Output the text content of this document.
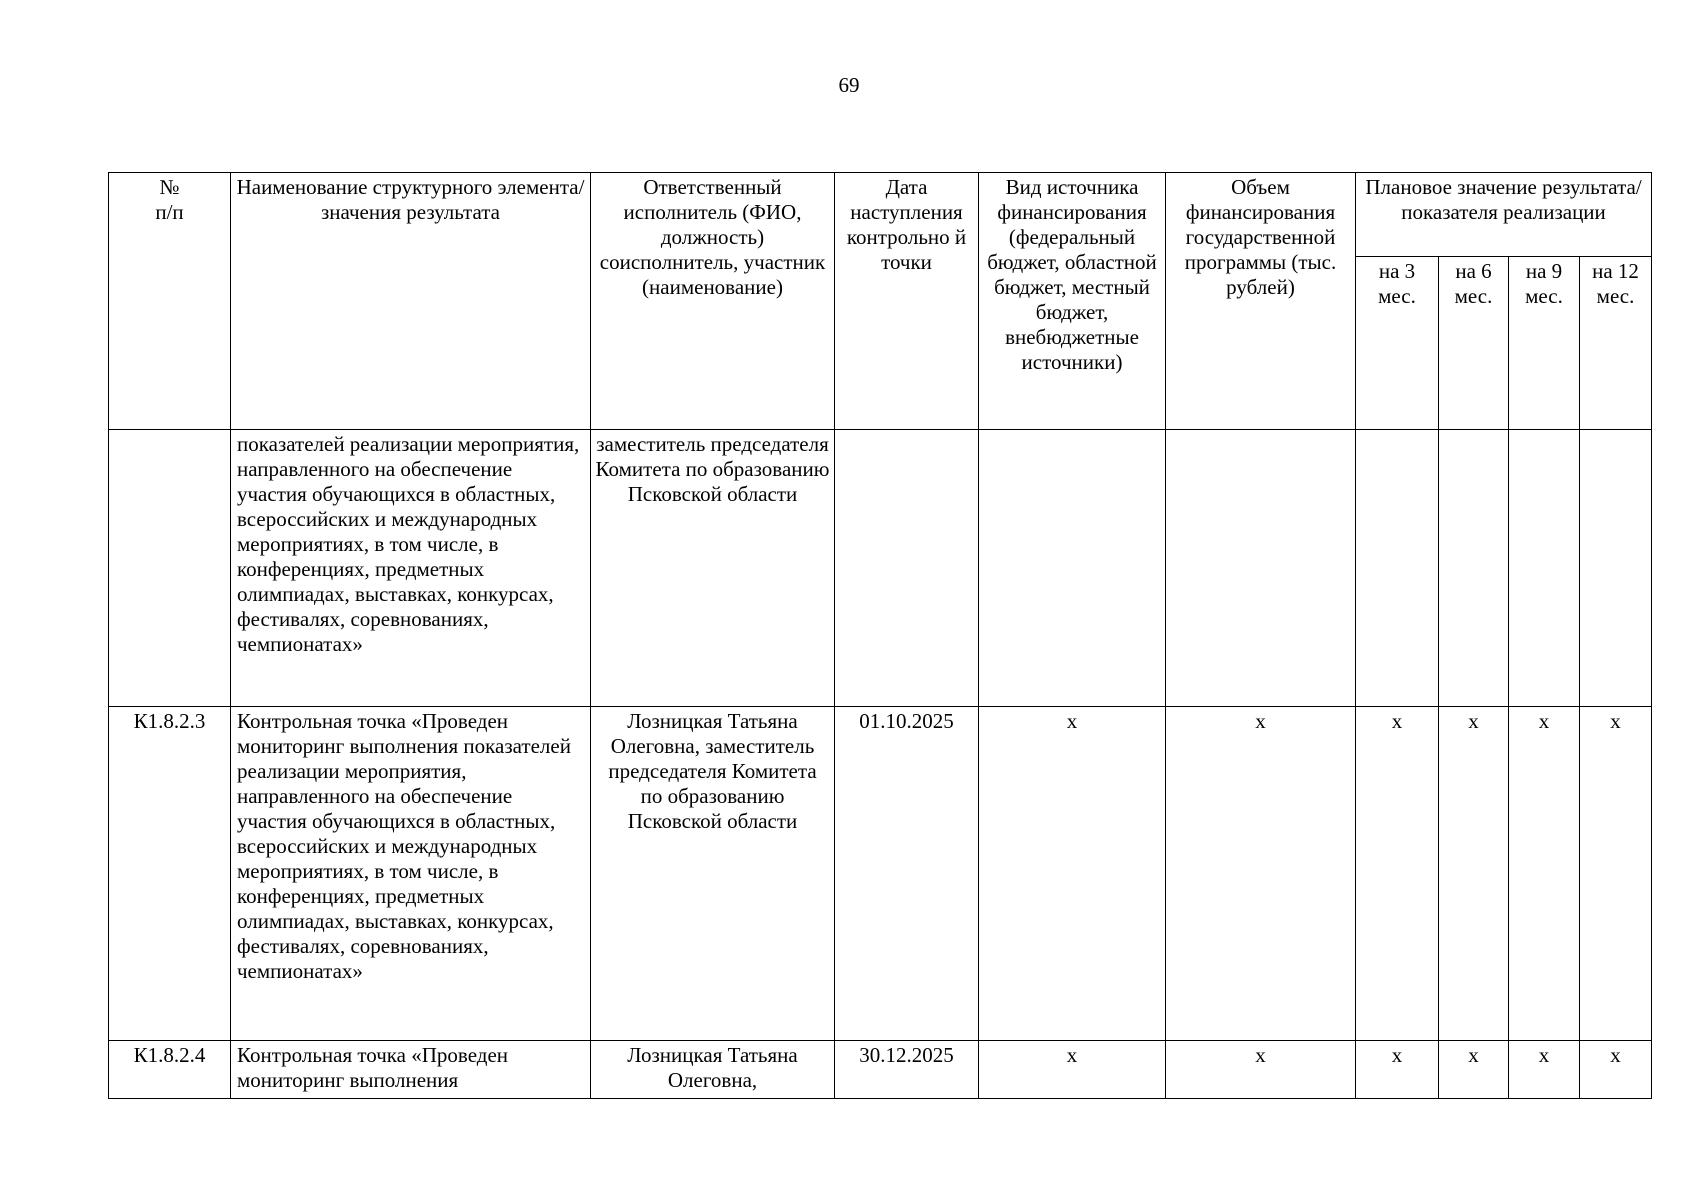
69
№
п/п	Наименование структурного элемента/ значения результата	Ответственный исполнитель (ФИО, должность) соисполнитель, участник (наименование)	Дата наступления контрольно й точки	Вид источника финансирования (федеральный бюджет, областной бюджет, местный бюджет, внебюджетные источники)	Объем финансирования государственной программы (тыс. рублей)	Плановое значение результата/показателя реализации			
						на 3 мес.	на 6 мес.	на 9 мес.	на 12 мес.
	показателей реализации мероприятия, направленного на обеспечение участия обучающихся в областных, всероссийских и международных мероприятиях, в том числе, в конференциях, предметных олимпиадах, выставках, конкурсах, фестивалях, соревнованиях, чемпионатах»	заместитель председателя Комитета по образованию Псковской области							
К1.8.2.3	Контрольная точка «Проведен мониторинг выполнения показателей реализации мероприятия, направленного на обеспечение участия обучающихся в областных, всероссийских и международных мероприятиях, в том числе, в конференциях, предметных олимпиадах, выставках, конкурсах, фестивалях, соревнованиях, чемпионатах»	Лозницкая Татьяна Олеговна, заместитель председателя Комитета по образованию Псковской области	01.10.2025	х	х	х	х	х	х
К1.8.2.4	Контрольная точка «Проведен мониторинг выполнения	Лозницкая Татьяна Олеговна,	30.12.2025	х	х	х	х	х	х
